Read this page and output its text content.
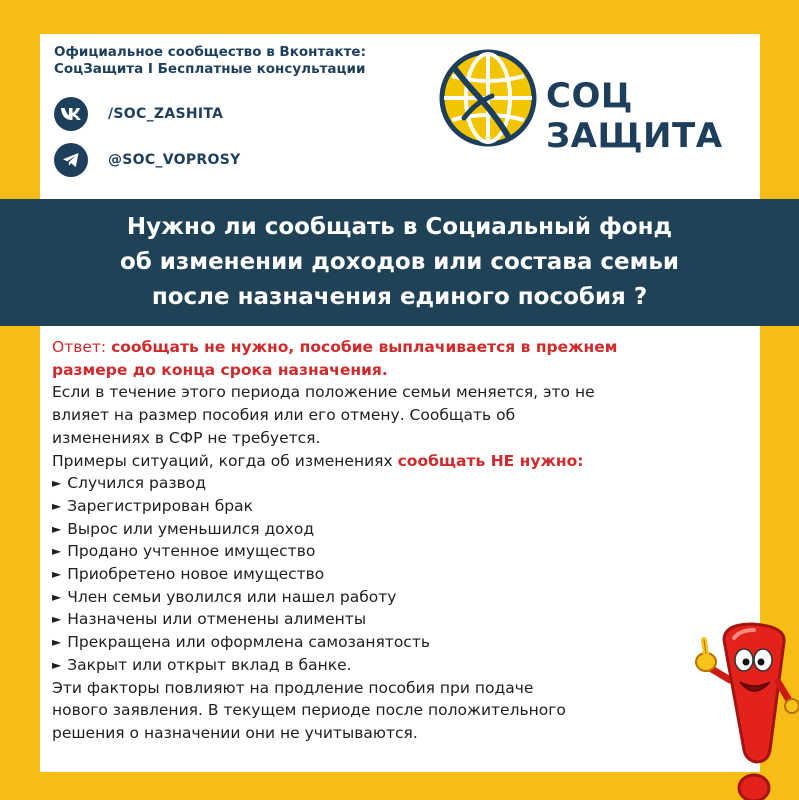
Официальное сообщество в Вконтакте:
СоцЗащита I Бесплатные консультации
/SOC_ZASHITA
@SOC_VOPROSY
СОЦ
ЗАЩИТА
Нужно ли сообщать в Социальный фонд
об изменении доходов или состава семьи
после назначения единого пособия ?
Ответ: сообщать не нужно, пособие выплачивается в прежнем
размере до конца срока назначения.
Если в течение этого периода положение семьи меняется, это не
влияет на размер пособия или его отмену. Сообщать об
изменениях в СФР не требуется.
Примеры ситуаций, когда об изменениях сообщать НЕ нужно:
► Случился развод
► Зарегистрирован брак
► Вырос или уменьшился доход
► Продано учтенное имущество
► Приобретено новое имущество
► Член семьи уволился или нашел работу
► Назначены или отменены алименты
► Прекращена или оформлена самозанятость
► Закрыт или открыт вклад в банке.
Эти факторы повлияют на продление пособия при подаче
нового заявления. В текущем периоде после положительного
решения о назначении они не учитываются.
